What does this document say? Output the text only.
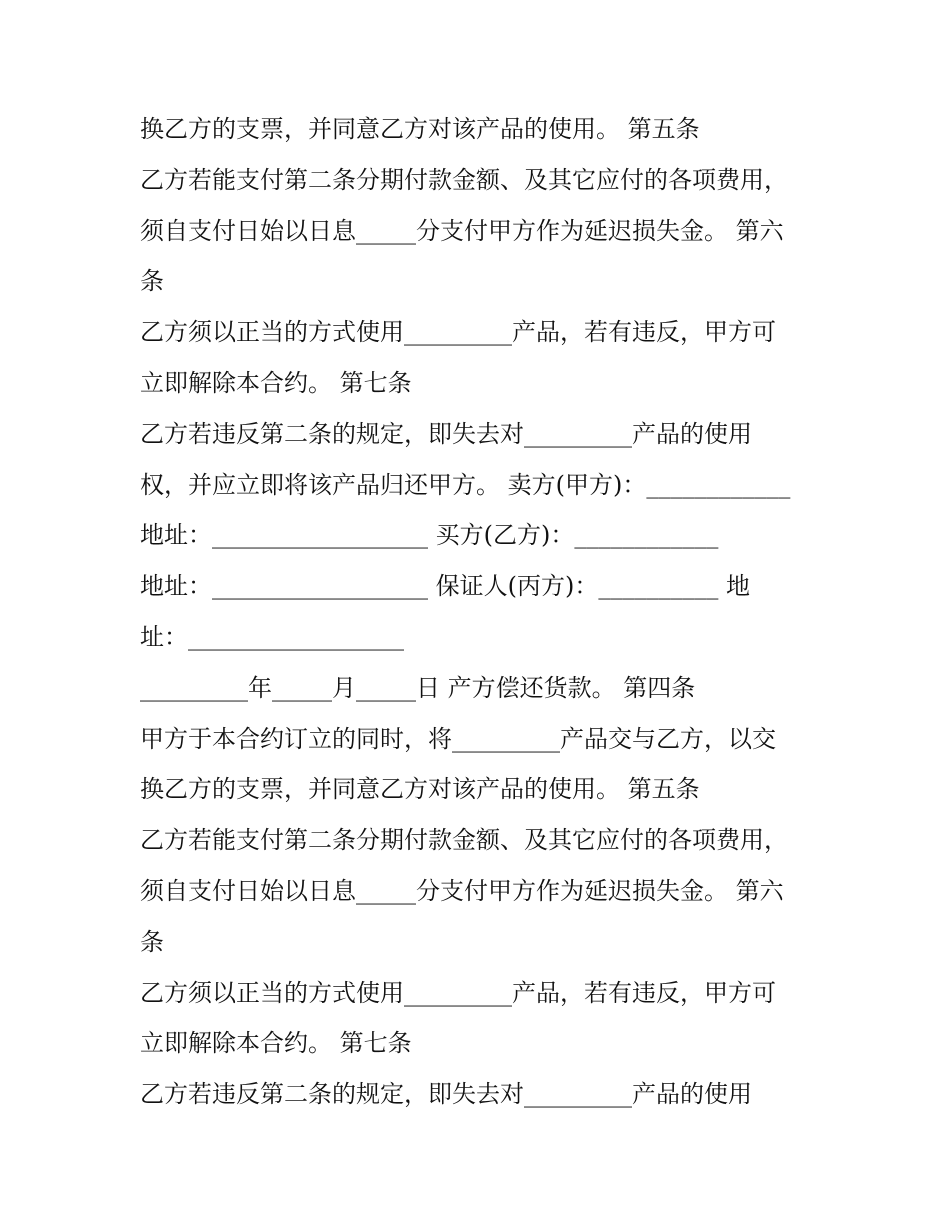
换乙方的支票，并同意乙方对该产品的使用。 第五条
乙方若能支付第二条分期付款金额、及其它应付的各项费用，
须自支付日始以日息_____分支付甲方作为延迟损失金。 第六
条
乙方须以正当的方式使用_________产品，若有违反，甲方可
立即解除本合约。 第七条
乙方若违反第二条的规定，即失去对_________产品的使用
权，并应立即将该产品归还甲方。 卖方(甲方)：____________
地址：__________________ 买方(乙方)：____________
地址：__________________ 保证人(丙方)：__________ 地
址：__________________
_________年_____月_____日 产方偿还货款。 第四条
甲方于本合约订立的同时，将_________产品交与乙方，以交
换乙方的支票，并同意乙方对该产品的使用。 第五条
乙方若能支付第二条分期付款金额、及其它应付的各项费用，
须自支付日始以日息_____分支付甲方作为延迟损失金。 第六
条
乙方须以正当的方式使用_________产品，若有违反，甲方可
立即解除本合约。 第七条
乙方若违反第二条的规定，即失去对_________产品的使用
